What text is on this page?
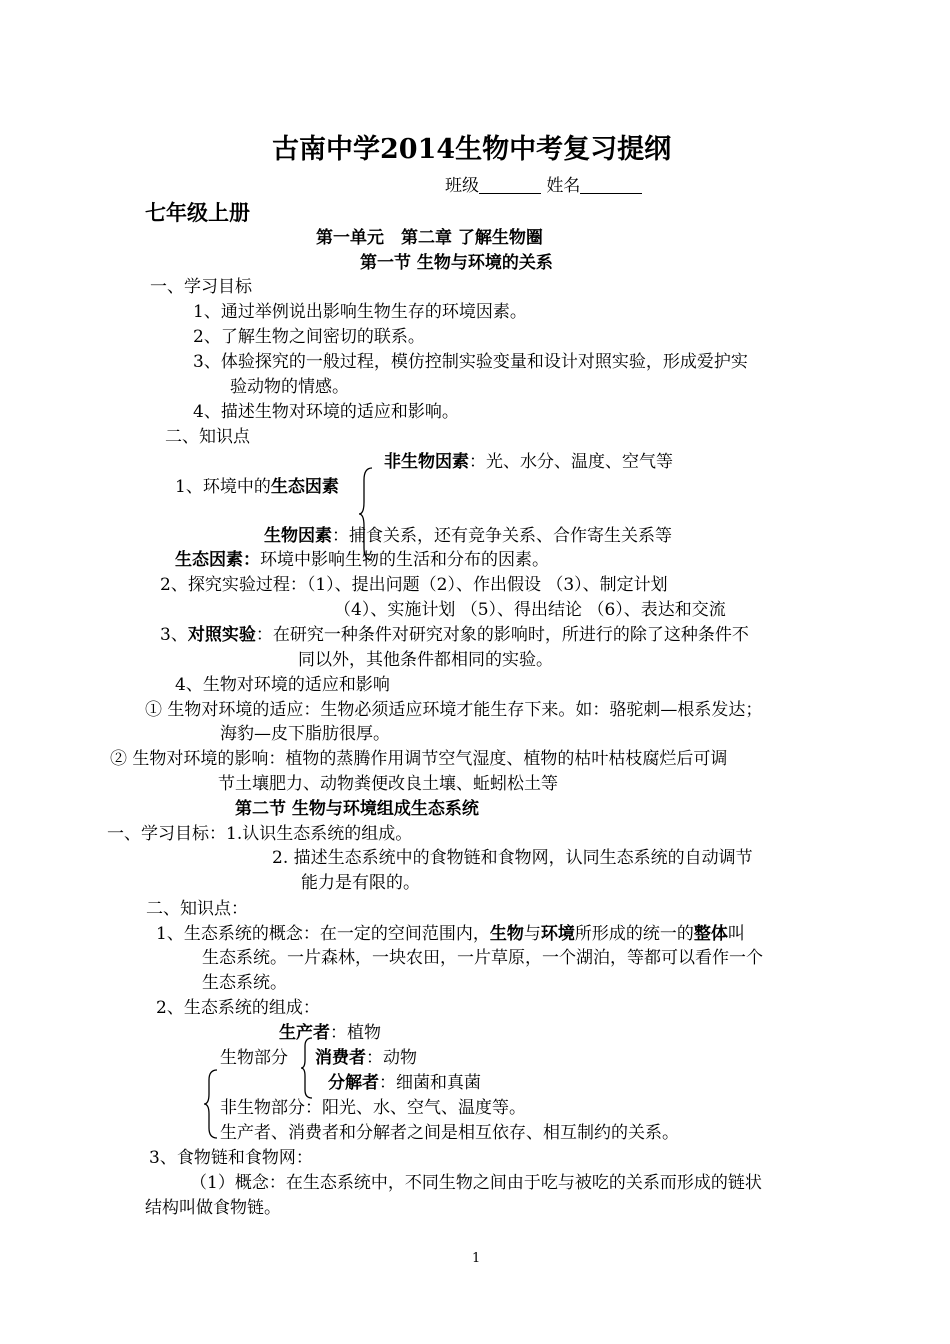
古南中学2014生物中考复习提纲
班级	姓名
七年级上册
第一单元　第二章 了解生物圈
第一节 生物与环境的关系
一、学习目标
1、通过举例说出影响生物生存的环境因素。
2、了解生物之间密切的联系。
3、体验探究的一般过程，模仿控制实验变量和设计对照实验，形成爱护实
验动物的情感。
4、描述生物对环境的适应和影响。
二、知识点
非生物因素：光、水分、温度、空气等
1、环境中的生态因素
生物因素：捕食关系，还有竞争关系、合作寄生关系等
生态因素：环境中影响生物的生活和分布的因素。
2、探究实验过程：（1）、提出问题（2）、作出假设 （3）、制定计划
（4）、实施计划 （5）、得出结论 （6）、表达和交流
3、对照实验：在研究一种条件对研究对象的影响时，所进行的除了这种条件不
同以外，其他条件都相同的实验。
4、生物对环境的适应和影响
① 生物对环境的适应：生物必须适应环境才能生存下来。如：骆驼刺—根系发达；
海豹—皮下脂肪很厚。
② 生物对环境的影响：植物的蒸腾作用调节空气湿度、植物的枯叶枯枝腐烂后可调
节土壤肥力、动物粪便改良土壤、蚯蚓松土等
第二节 生物与环境组成生态系统
一、学习目标：1.认识生态系统的组成。
2. 描述生态系统中的食物链和食物网，认同生态系统的自动调节
能力是有限的。
二、知识点：
1、生态系统的概念：在一定的空间范围内，生物与环境所形成的统一的整体叫
生态系统。一片森林，一块农田，一片草原，一个湖泊，等都可以看作一个
生态系统。
2、生态系统的组成：
生产者：植物
生物部分 消费者：动物
分解者：细菌和真菌
非生物部分：阳光、水、空气、温度等。
生产者、消费者和分解者之间是相互依存、相互制约的关系。
3、食物链和食物网：
（1）概念：在生态系统中，不同生物之间由于吃与被吃的关系而形成的链状
结构叫做食物链。
1
